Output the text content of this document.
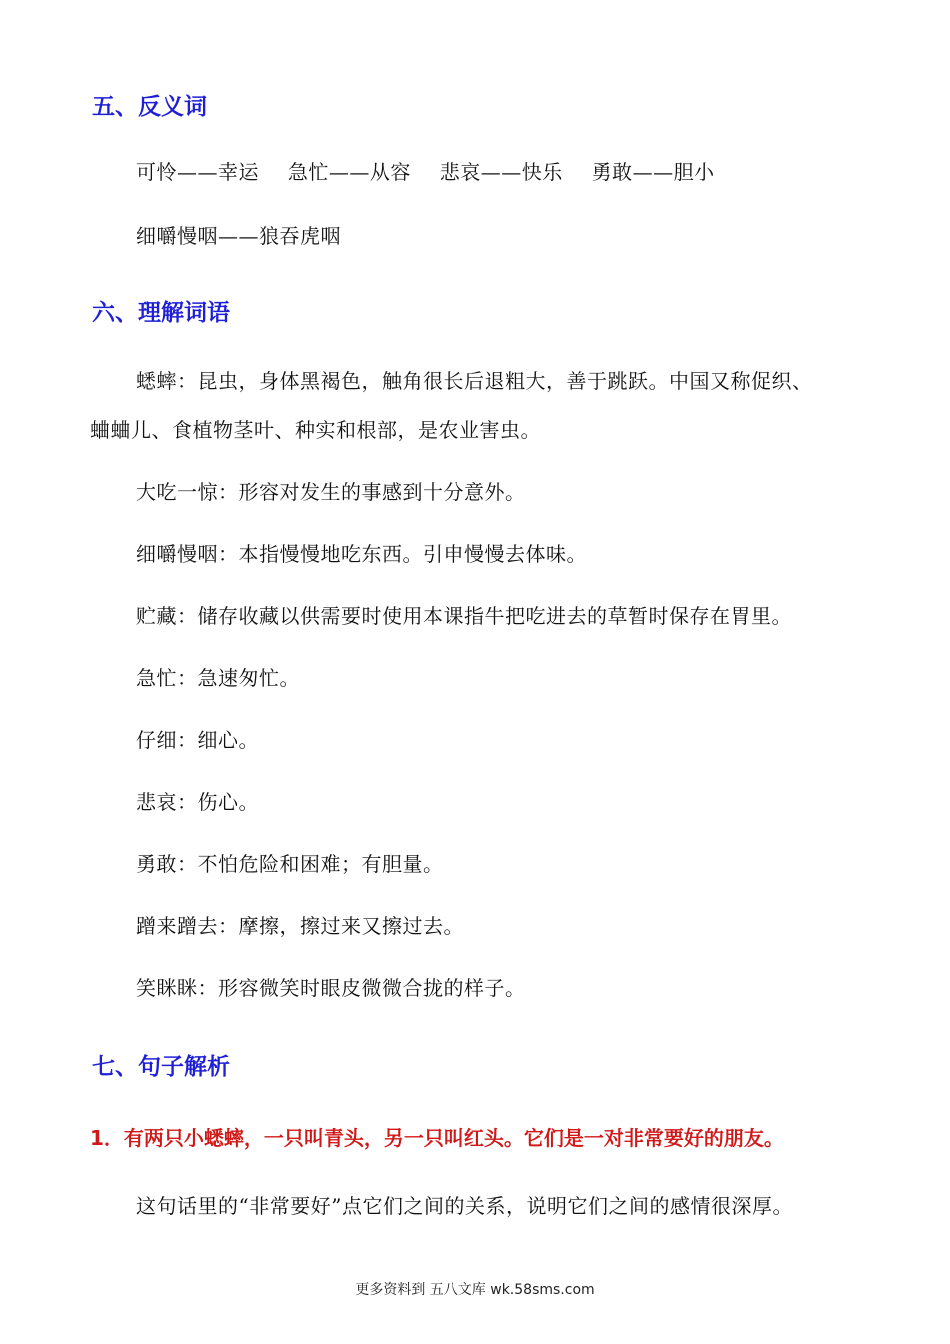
五、反义词
可怜——幸运 急忙——从容 悲哀——快乐 勇敢——胆小
细嚼慢咽——狼吞虎咽
六、理解词语
蟋蟀：昆虫，身体黑褐色，触角很长后退粗大，善于跳跃。中国又称促织、
蛐蛐儿、食植物茎叶、种实和根部，是农业害虫。
大吃一惊：形容对发生的事感到十分意外。
细嚼慢咽：本指慢慢地吃东西。引申慢慢去体味。
贮藏：储存收藏以供需要时使用本课指牛把吃进去的草暂时保存在胃里。
急忙：急速匆忙。
仔细：细心。
悲哀：伤心。
勇敢：不怕危险和困难；有胆量。
蹭来蹭去：摩擦，擦过来又擦过去。
笑眯眯：形容微笑时眼皮微微合拢的样子。
七、句子解析
1．有两只小蟋蟀，一只叫青头，另一只叫红头。它们是一对非常要好的朋友。
这句话里的“非常要好”点它们之间的关系，说明它们之间的感情很深厚。
更多资料到 五八文库 wk.58sms.com
